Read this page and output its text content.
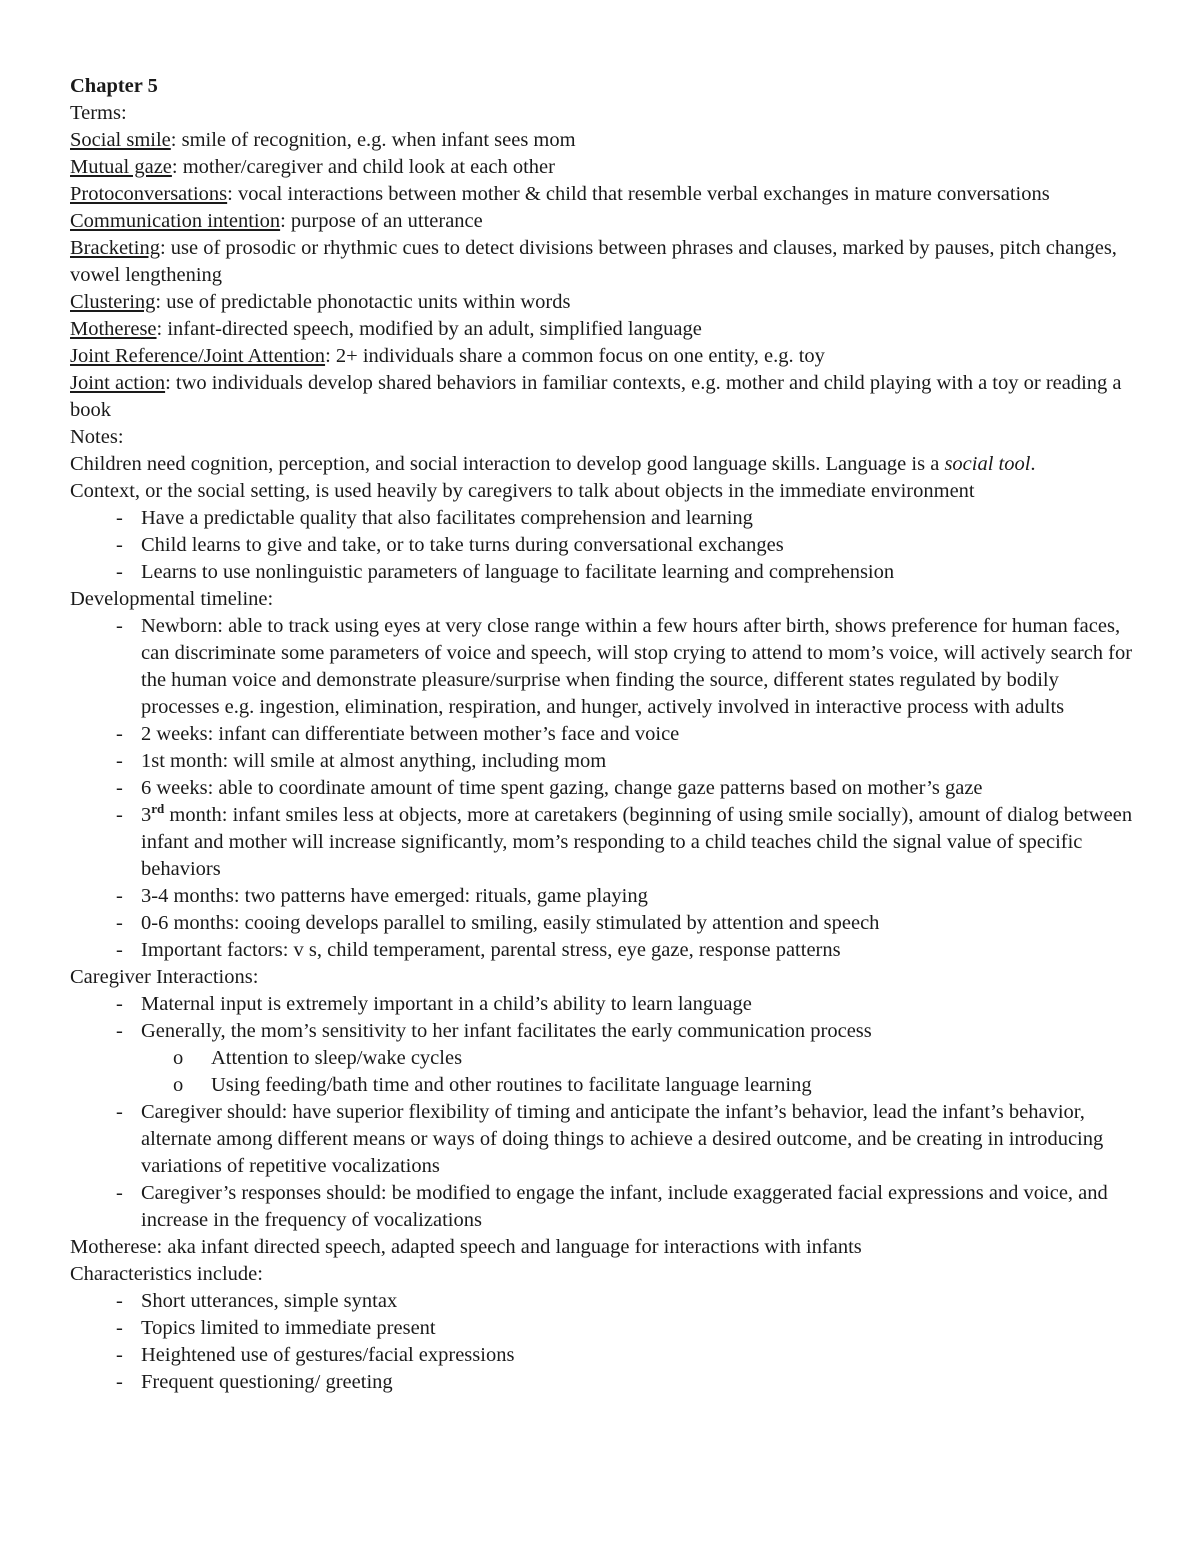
Chapter 5
Terms:
Social smile: smile of recognition, e.g. when infant sees mom
Mutual gaze: mother/caregiver and child look at each other
Protoconversations: vocal interactions between mother & child that resemble verbal exchanges in mature conversations
Communication intention: purpose of an utterance
Bracketing: use of prosodic or rhythmic cues to detect divisions between phrases and clauses, marked by pauses, pitch changes, vowel lengthening
Clustering: use of predictable phonotactic units within words
Motherese: infant-directed speech, modified by an adult, simplified language
Joint Reference/Joint Attention: 2+ individuals share a common focus on one entity, e.g. toy
Joint action: two individuals develop shared behaviors in familiar contexts, e.g. mother and child playing with a toy or reading a book
Notes:
Children need cognition, perception, and social interaction to develop good language skills. Language is a social tool.
Context, or the social setting, is used heavily by caregivers to talk about objects in the immediate environment
- Have a predictable quality that also facilitates comprehension and learning
- Child learns to give and take, or to take turns during conversational exchanges
- Learns to use nonlinguistic parameters of language to facilitate learning and comprehension
Developmental timeline:
- Newborn: able to track using eyes at very close range within a few hours after birth, shows preference for human faces, can discriminate some parameters of voice and speech, will stop crying to attend to mom’s voice, will actively search for the human voice and demonstrate pleasure/surprise when finding the source, different states regulated by bodily processes e.g. ingestion, elimination, respiration, and hunger, actively involved in interactive process with adults
- 2 weeks: infant can differentiate between mother’s face and voice
- 1st month: will smile at almost anything, including mom
- 6 weeks: able to coordinate amount of time spent gazing, change gaze patterns based on mother’s gaze
- 3rd month: infant smiles less at objects, more at caretakers (beginning of using smile socially), amount of dialog between infant and mother will increase significantly, mom’s responding to a child teaches child the signal value of specific behaviors
- 3-4 months: two patterns have emerged: rituals, game playing
- 0-6 months: cooing develops parallel to smiling, easily stimulated by attention and speech
- Important factors: v s, child temperament, parental stress, eye gaze, response patterns
Caregiver Interactions:
- Maternal input is extremely important in a child’s ability to learn language
- Generally, the mom’s sensitivity to her infant facilitates the early communication process
o Attention to sleep/wake cycles
o Using feeding/bath time and other routines to facilitate language learning
- Caregiver should: have superior flexibility of timing and anticipate the infant’s behavior, lead the infant’s behavior, alternate among different means or ways of doing things to achieve a desired outcome, and be creating in introducing variations of repetitive vocalizations
- Caregiver’s responses should: be modified to engage the infant, include exaggerated facial expressions and voice, and increase in the frequency of vocalizations
Motherese: aka infant directed speech, adapted speech and language for interactions with infants
Characteristics include:
- Short utterances, simple syntax
- Topics limited to immediate present
- Heightened use of gestures/facial expressions
- Frequent questioning/ greeting
